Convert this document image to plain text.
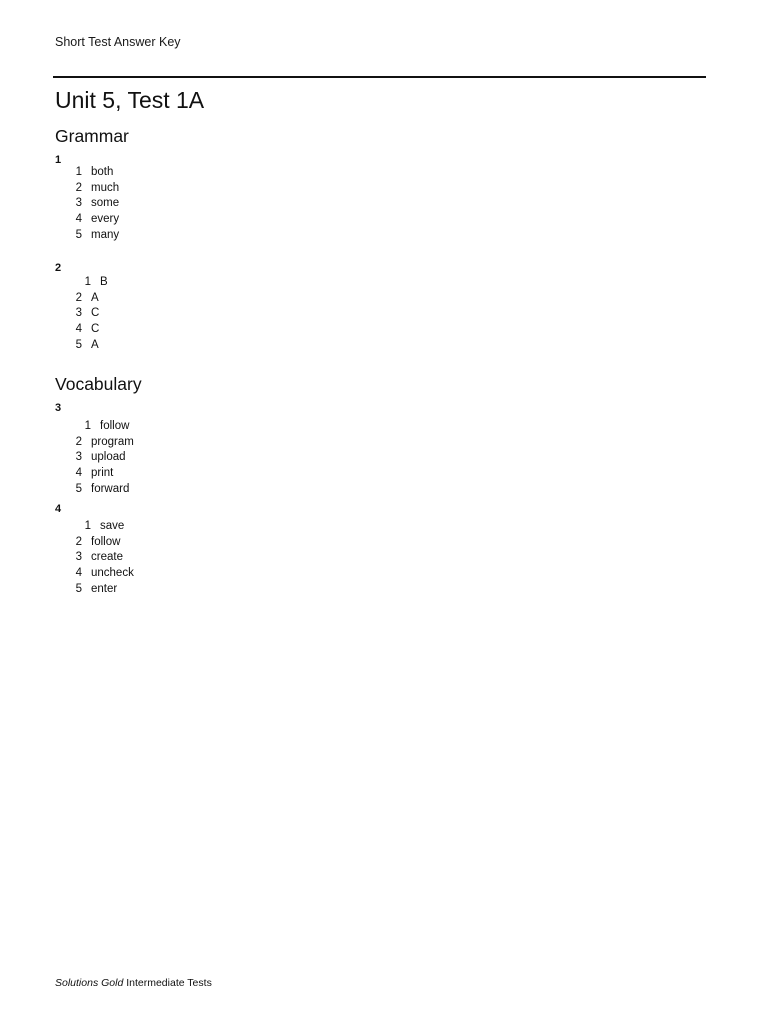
Short Test Answer Key
Unit 5, Test 1A
Grammar
1
1 both
2 much
3 some
4 every
5 many
2
1 B
2 A
3 C
4 C
5 A
Vocabulary
3
1 follow
2 program
3 upload
4 print
5 forward
4
1 save
2 follow
3 create
4 uncheck
5 enter
Solutions Gold Intermediate Tests
